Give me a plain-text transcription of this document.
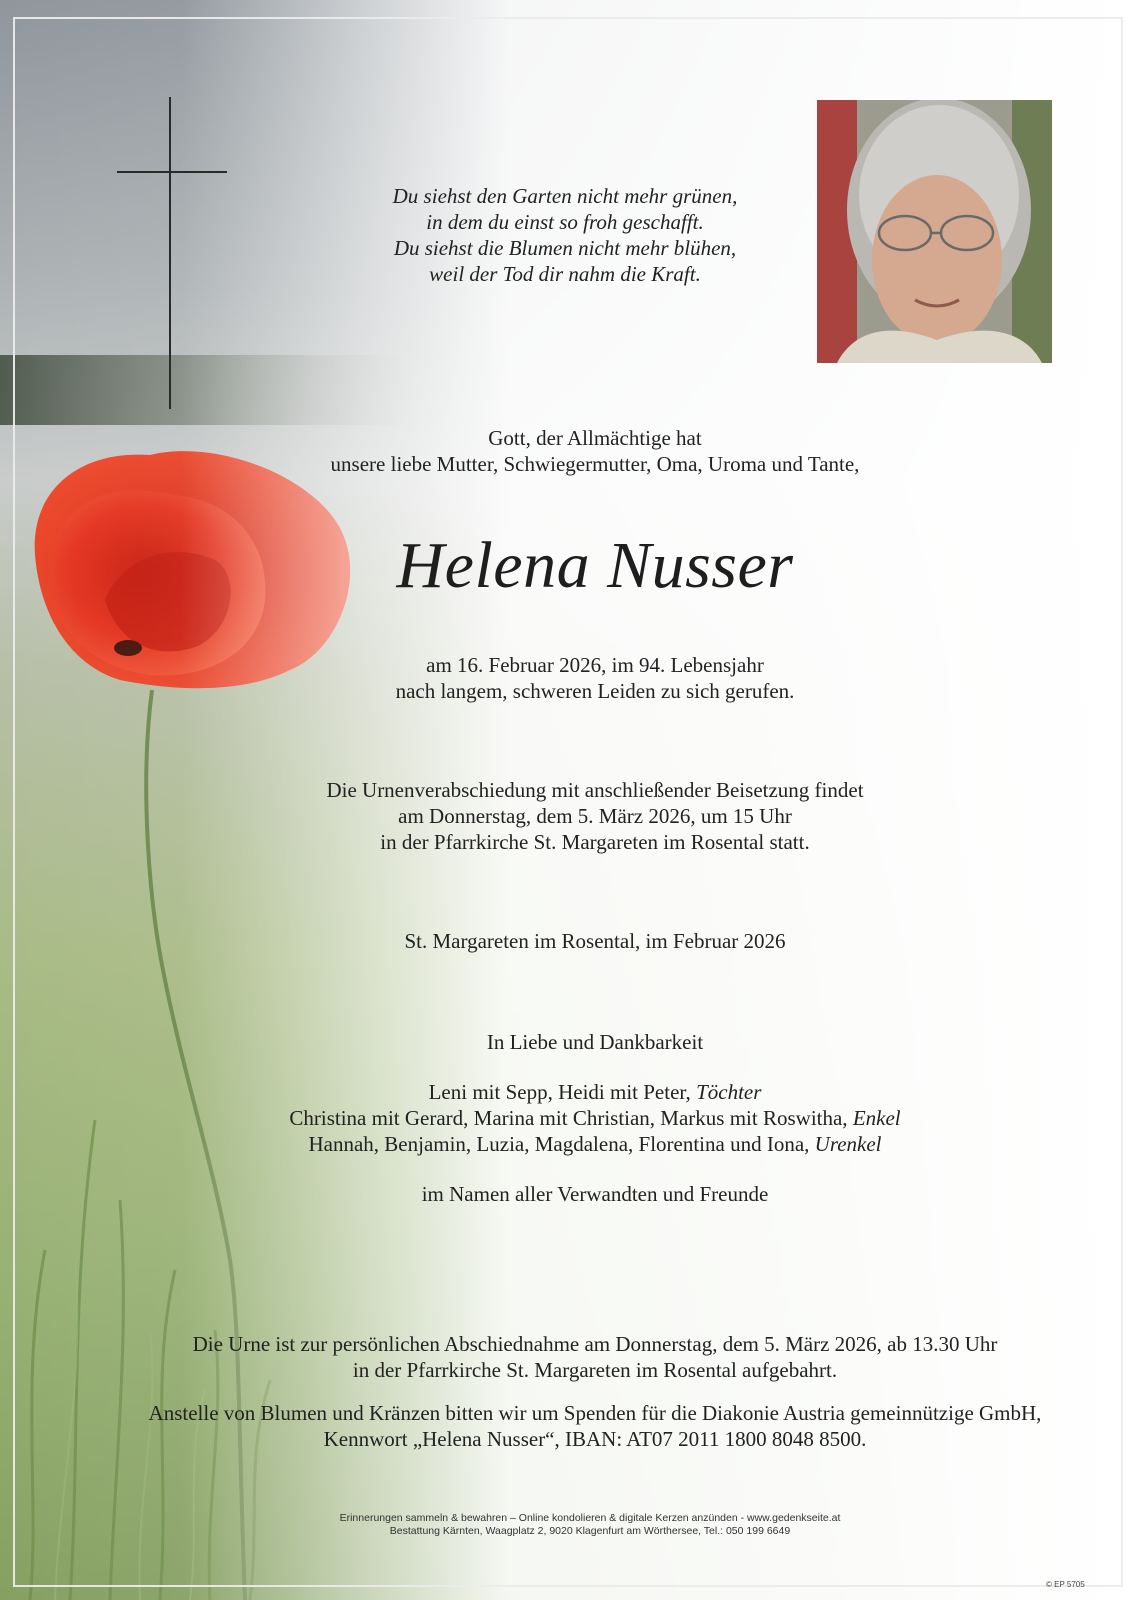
Du siehst den Garten nicht mehr grünen,
in dem du einst so froh geschafft.
Du siehst die Blumen nicht mehr blühen,
weil der Tod dir nahm die Kraft.

Gott, der Allmächtige hat
unsere liebe Mutter, Schwiegermutter, Oma, Uroma und Tante,

Helena Nusser

am 16. Februar 2026, im 94. Lebensjahr
nach langem, schweren Leiden zu sich gerufen.

Die Urnenverabschiedung mit anschließender Beisetzung findet
am Donnerstag, dem 5. März 2026, um 15 Uhr
in der Pfarrkirche St. Margareten im Rosental statt.

St. Margareten im Rosental, im Februar 2026

In Liebe und Dankbarkeit

Leni mit Sepp, Heidi mit Peter, Töchter
Christina mit Gerard, Marina mit Christian, Markus mit Roswitha, Enkel
Hannah, Benjamin, Luzia, Magdalena, Florentina und Iona, Urenkel

im Namen aller Verwandten und Freunde

Die Urne ist zur persönlichen Abschiednahme am Donnerstag, dem 5. März 2026, ab 13.30 Uhr
in der Pfarrkirche St. Margareten im Rosental aufgebahrt.

Anstelle von Blumen und Kränzen bitten wir um Spenden für die Diakonie Austria gemeinnützige GmbH,
Kennwort „Helena Nusser“, IBAN: AT07 2011 1800 8048 8500.

Erinnerungen sammeln & bewahren – Online kondolieren & digitale Kerzen anzünden - www.gedenkseite.at
Bestattung Kärnten, Waagplatz 2, 9020 Klagenfurt am Wörthersee, Tel.: 050 199 6649
© EP 5705
